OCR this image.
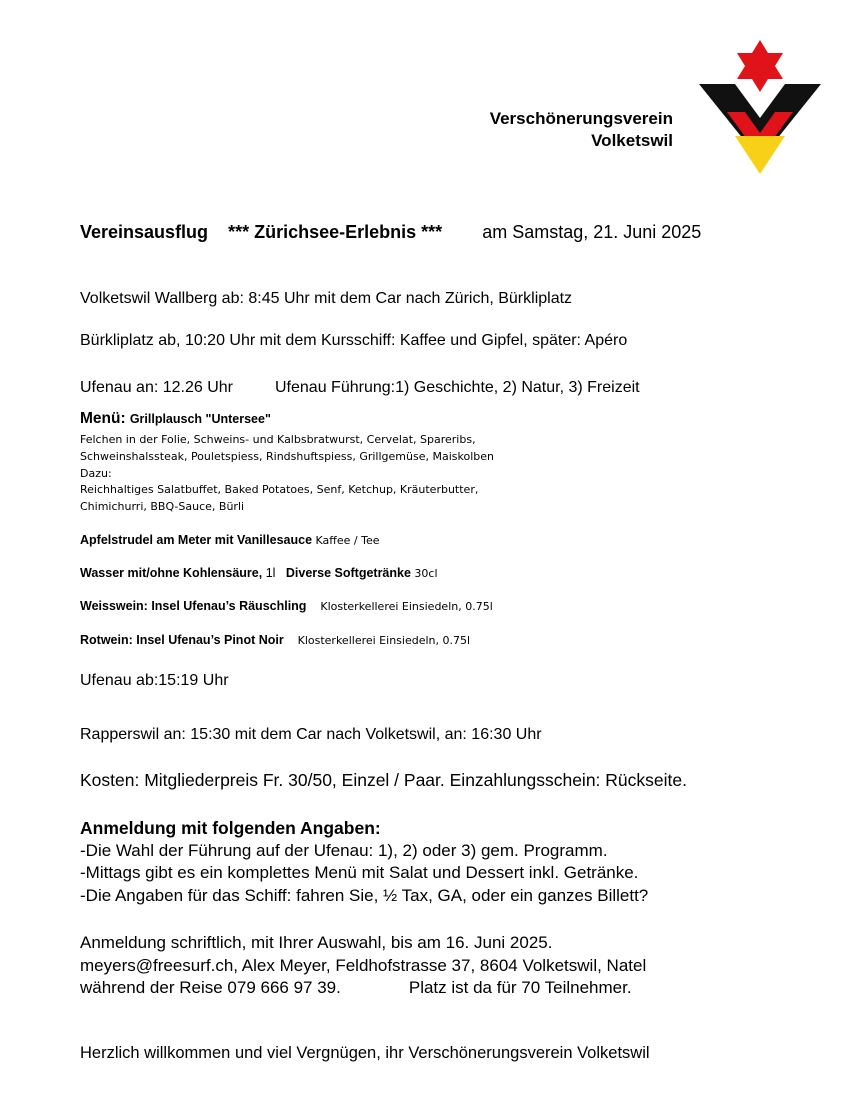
Verschönerungsverein
Volketswil
Vereinsausflug *** Zürichsee-Erlebnis *** am Samstag, 21. Juni 2025
Volketswil Wallberg ab: 8:45 Uhr mit dem Car nach Zürich, Bürkliplatz
Bürkliplatz ab, 10:20 Uhr mit dem Kursschiff: Kaffee und Gipfel, später: Apéro
Ufenau an: 12.26 Uhr	Ufenau Führung:1) Geschichte, 2) Natur, 3) Freizeit
Menü: Grillplausch "Untersee"
Felchen in der Folie, Schweins- und Kalbsbratwurst, Cervelat, Spareribs,
Schweinshalssteak, Pouletspiess, Rindshuftspiess, Grillgemüse, Maiskolben
Dazu:
Reichhaltiges Salatbuffet, Baked Potatoes, Senf, Ketchup, Kräuterbutter,
Chimichurri, BBQ-Sauce, Bürli
Apfelstrudel am Meter mit Vanillesauce Kaffee / Tee
Wasser mit/ohne Kohlensäure, 1l Diverse Softgetränke 30cl
Weisswein: Insel Ufenau’s Räuschling Klosterkellerei Einsiedeln, 0.75l
Rotwein: Insel Ufenau’s Pinot Noir Klosterkellerei Einsiedeln, 0.75l
Ufenau ab:15:19 Uhr
Rapperswil an: 15:30 mit dem Car nach Volketswil, an: 16:30 Uhr
Kosten: Mitgliederpreis Fr. 30/50, Einzel / Paar. Einzahlungsschein: Rückseite.
Anmeldung mit folgenden Angaben:
-Die Wahl der Führung auf der Ufenau: 1), 2) oder 3) gem. Programm.
-Mittags gibt es ein komplettes Menü mit Salat und Dessert inkl. Getränke.
-Die Angaben für das Schiff: fahren Sie, ½ Tax, GA, oder ein ganzes Billett?
Anmeldung schriftlich, mit Ihrer Auswahl, bis am 16. Juni 2025.
meyers@freesurf.ch, Alex Meyer, Feldhofstrasse 37, 8604 Volketswil, Natel
während der Reise 079 666 97 39.	Platz ist da für 70 Teilnehmer.
Herzlich willkommen und viel Vergnügen, ihr Verschönerungsverein Volketswil
